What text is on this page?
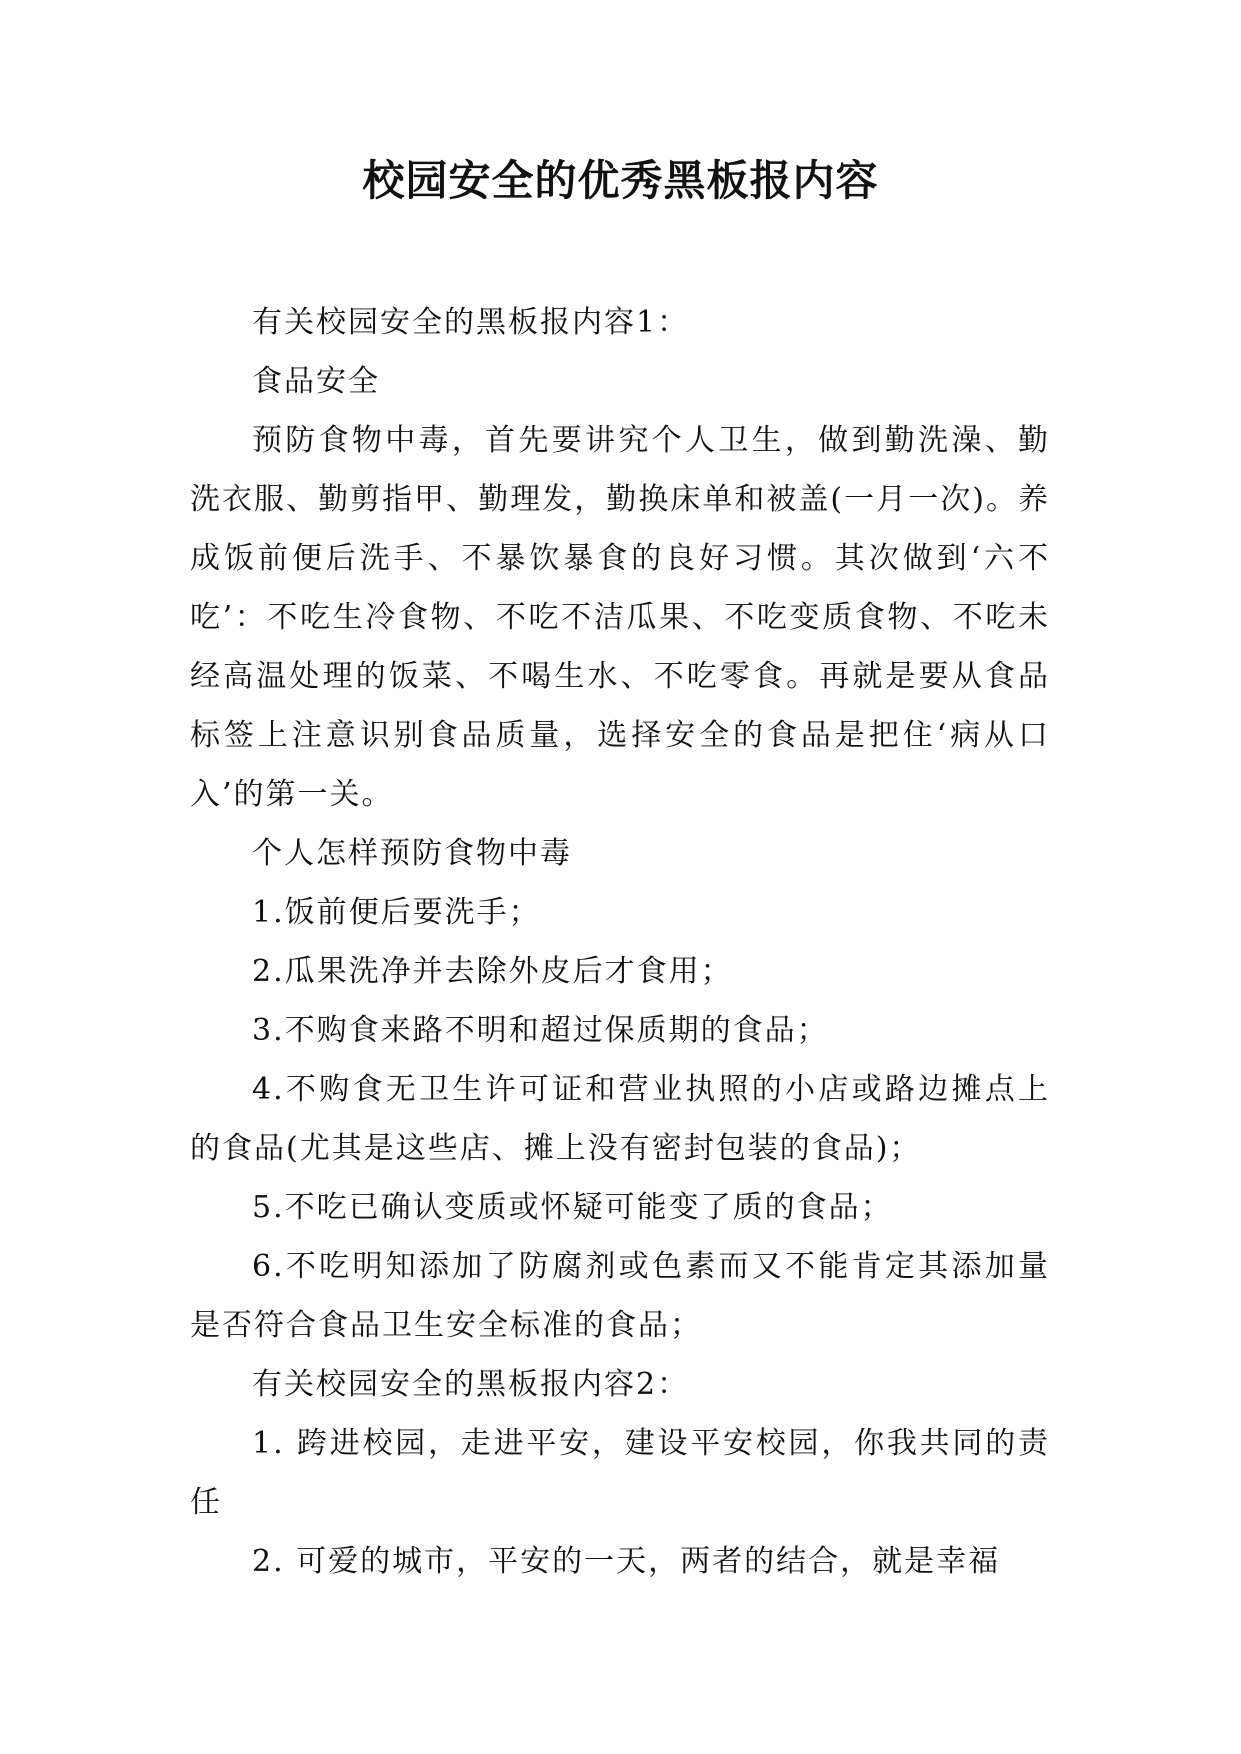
校园安全的优秀黑板报内容

有关校园安全的黑板报内容1：

食品安全

预防食物中毒，首先要讲究个人卫生，做到勤洗澡、勤洗衣服、勤剪指甲、勤理发，勤换床单和被盖(一月一次)。养成饭前便后洗手、不暴饮暴食的良好习惯。其次做到‘六不吃’：不吃生冷食物、不吃不洁瓜果、不吃变质食物、不吃未经高温处理的饭菜、不喝生水、不吃零食。再就是要从食品标签上注意识别食品质量，选择安全的食品是把住‘病从口入’的第一关。

个人怎样预防食物中毒

1.饭前便后要洗手；

2.瓜果洗净并去除外皮后才食用；

3.不购食来路不明和超过保质期的食品；

4.不购食无卫生许可证和营业执照的小店或路边摊点上的食品(尤其是这些店、摊上没有密封包装的食品)；

5.不吃已确认变质或怀疑可能变了质的食品；

6.不吃明知添加了防腐剂或色素而又不能肯定其添加量是否符合食品卫生安全标准的食品；

有关校园安全的黑板报内容2：

1. 跨进校园，走进平安，建设平安校园，你我共同的责任

2. 可爱的城市，平安的一天，两者的结合，就是幸福
